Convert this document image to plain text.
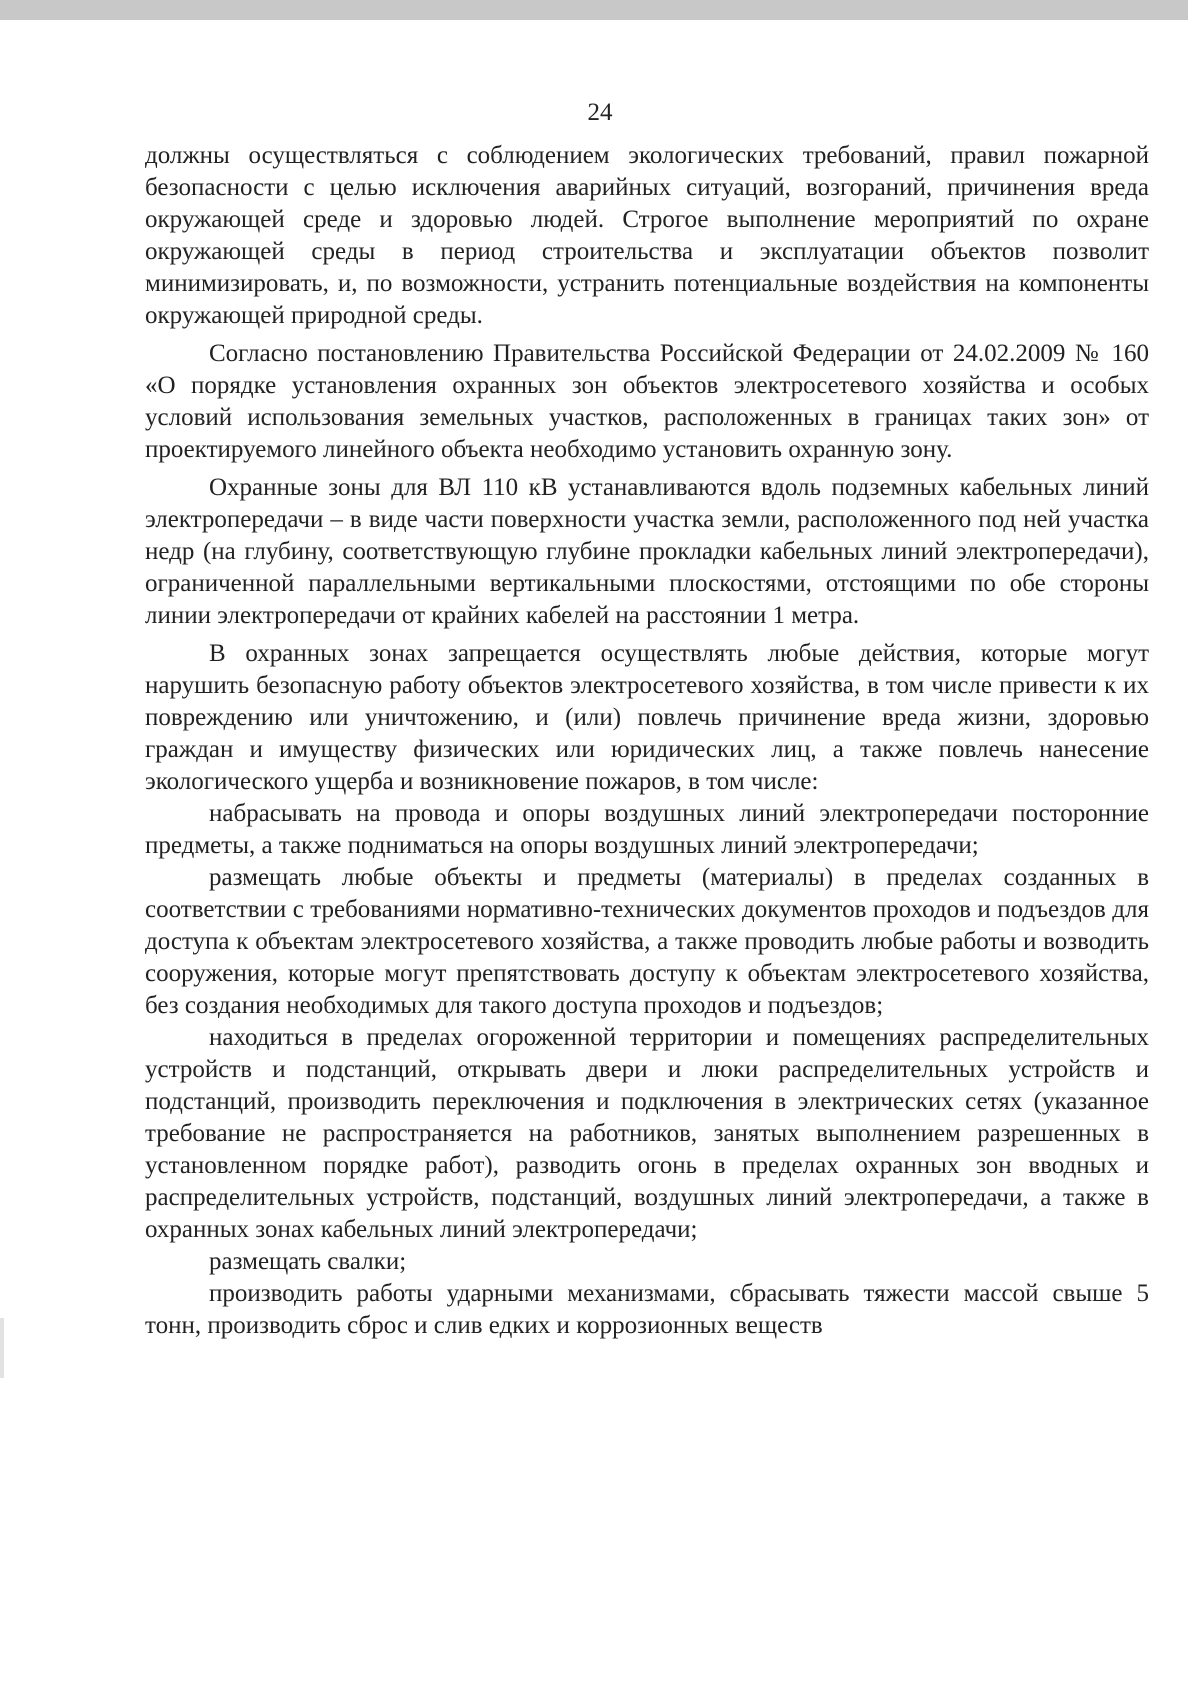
24

должны осуществляться с соблюдением экологических требований, правил пожарной безопасности с целью исключения аварийных ситуаций, возгораний, причинения вреда окружающей среде и здоровью людей. Строгое выполнение мероприятий по охране окружающей среды в период строительства и эксплуатации объектов позволит минимизировать, и, по возможности, устранить потенциальные воздействия на компоненты окружающей природной среды.

Согласно постановлению Правительства Российской Федерации от 24.02.2009 № 160 «О порядке установления охранных зон объектов электросетевого хозяйства и особых условий использования земельных участков, расположенных в границах таких зон» от проектируемого линейного объекта необходимо установить охранную зону.

Охранные зоны для ВЛ 110 кВ устанавливаются вдоль подземных кабельных линий электропередачи – в виде части поверхности участка земли, расположенного под ней участка недр (на глубину, соответствующую глубине прокладки кабельных линий электропередачи), ограниченной параллельными вертикальными плоскостями, отстоящими по обе стороны линии электропередачи от крайних кабелей на расстоянии 1 метра.

В охранных зонах запрещается осуществлять любые действия, которые могут нарушить безопасную работу объектов электросетевого хозяйства, в том числе привести к их повреждению или уничтожению, и (или) повлечь причинение вреда жизни, здоровью граждан и имуществу физических или юридических лиц, а также повлечь нанесение экологического ущерба и возникновение пожаров, в том числе:

набрасывать на провода и опоры воздушных линий электропередачи посторонние предметы, а также подниматься на опоры воздушных линий электропередачи;

размещать любые объекты и предметы (материалы) в пределах созданных в соответствии с требованиями нормативно-технических документов проходов и подъездов для доступа к объектам электросетевого хозяйства, а также проводить любые работы и возводить сооружения, которые могут препятствовать доступу к объектам электросетевого хозяйства, без создания необходимых для такого доступа проходов и подъездов;

находиться в пределах огороженной территории и помещениях распределительных устройств и подстанций, открывать двери и люки распределительных устройств и подстанций, производить переключения и подключения в электрических сетях (указанное требование не распространяется на работников, занятых выполнением разрешенных в установленном порядке работ), разводить огонь в пределах охранных зон вводных и распределительных устройств, подстанций, воздушных линий электропередачи, а также в охранных зонах кабельных линий электропередачи;

размещать свалки;

производить работы ударными механизмами, сбрасывать тяжести массой свыше 5 тонн, производить сброс и слив едких и коррозионных веществ
